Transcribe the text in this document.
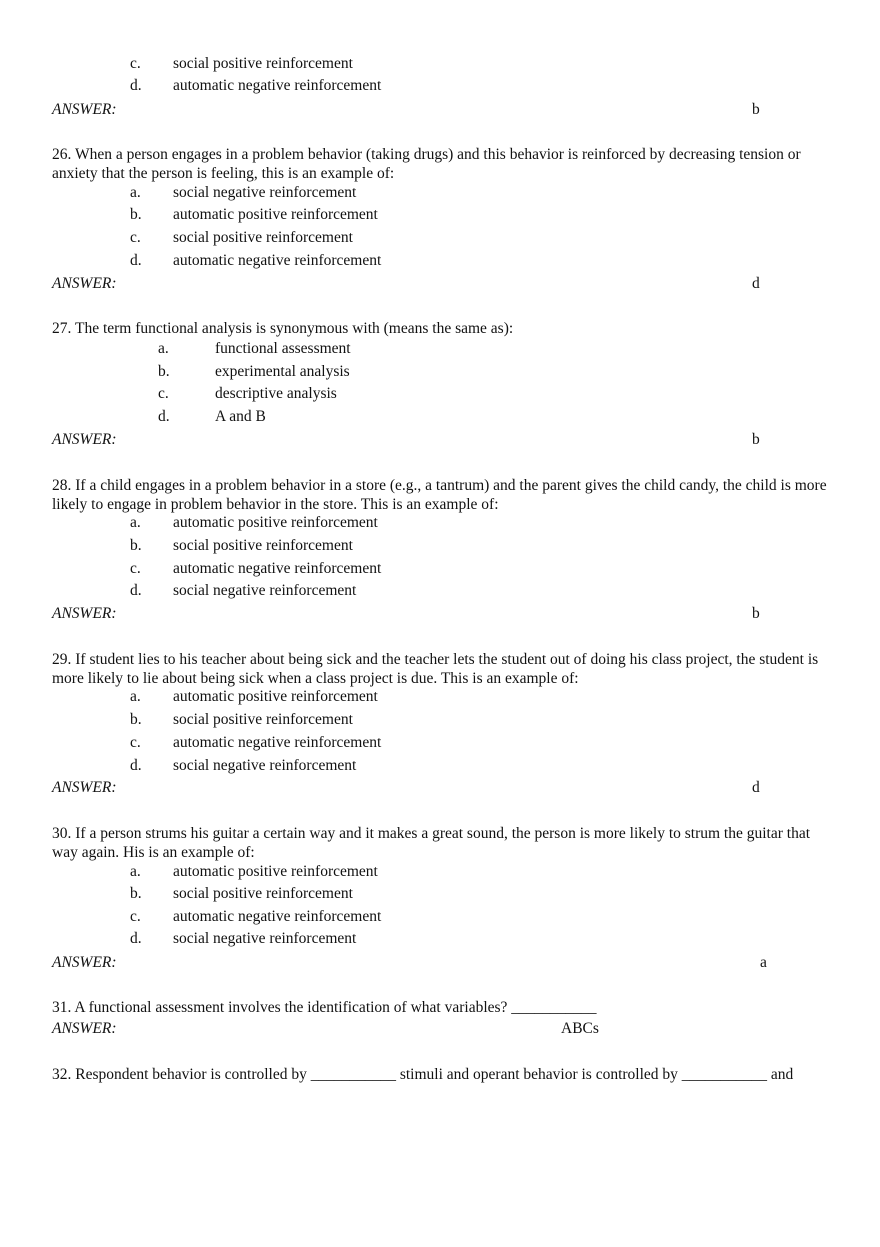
c. social positive reinforcement
d. automatic negative reinforcement
ANSWER:	b
26. When a person engages in a problem behavior (taking drugs) and this behavior is reinforced by decreasing tension or anxiety that the person is feeling, this is an example of:
a. social negative reinforcement
b. automatic positive reinforcement
c. social positive reinforcement
d. automatic negative reinforcement
ANSWER:	d
27. The term functional analysis is synonymous with (means the same as):
a.	functional assessment
b.	experimental analysis
c.	descriptive analysis
d.	A and B
ANSWER:	b
28. If a child engages in a problem behavior in a store (e.g., a tantrum) and the parent gives the child candy, the child is more likely to engage in problem behavior in the store. This is an example of:
a. automatic positive reinforcement
b. social positive reinforcement
c. automatic negative reinforcement
d. social negative reinforcement
ANSWER:	b
29. If student lies to his teacher about being sick and the teacher lets the student out of doing his class project, the student is more likely to lie about being sick when a class project is due. This is an example of:
a. automatic positive reinforcement
b. social positive reinforcement
c. automatic negative reinforcement
d. social negative reinforcement
ANSWER:	d
30. If a person strums his guitar a certain way and it makes a great sound, the person is more likely to strum the guitar that way again. His is an example of:
a. automatic positive reinforcement
b. social positive reinforcement
c. automatic negative reinforcement
d. social negative reinforcement
ANSWER:	a
31. A functional assessment involves the identification of what variables? ___________
ANSWER:	ABCs
32. Respondent behavior is controlled by ___________ stimuli and operant behavior is controlled by ___________ and
